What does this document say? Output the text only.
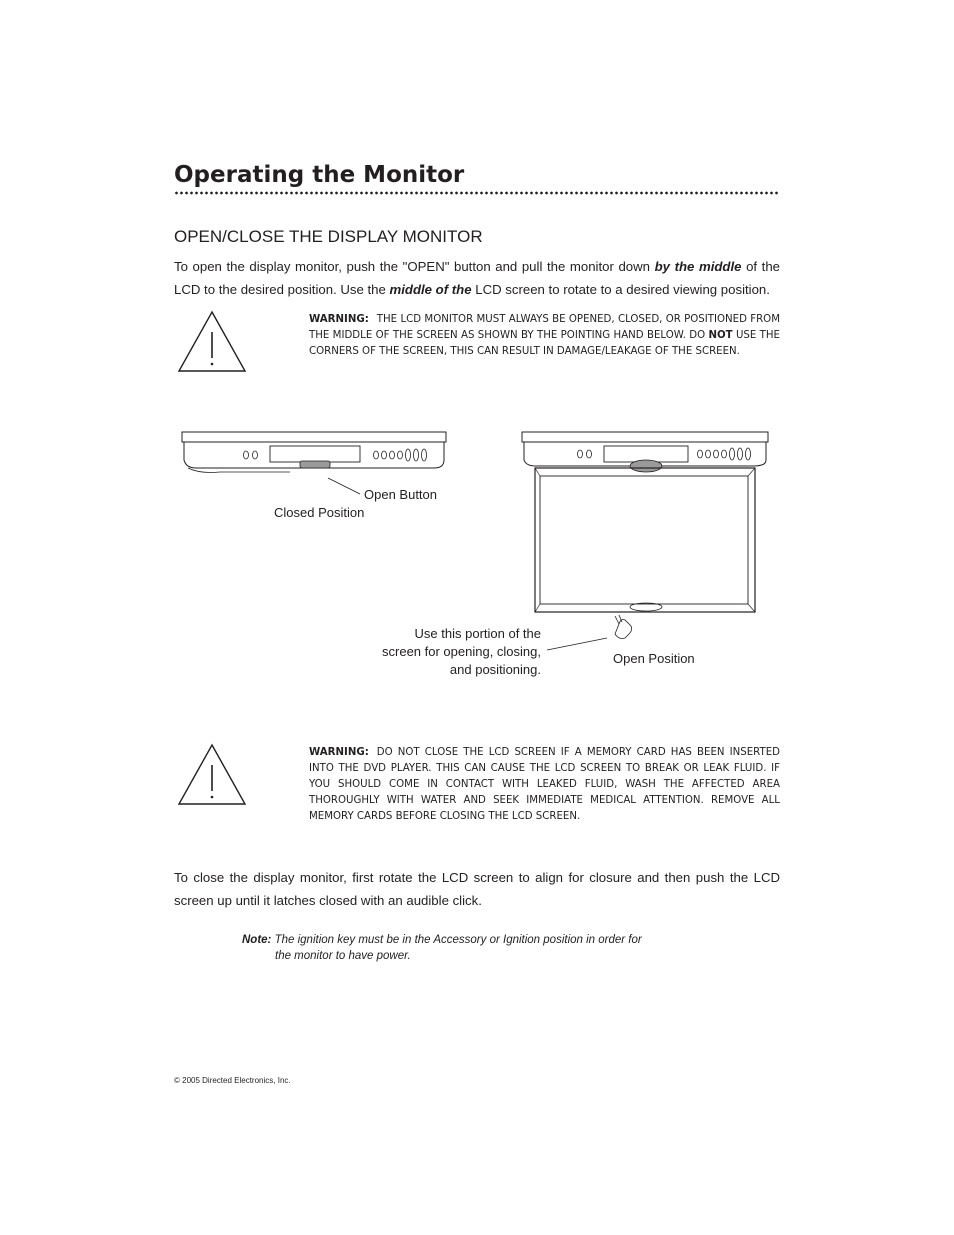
Operating the Monitor
OPEN/CLOSE THE DISPLAY MONITOR
To open the display monitor, push the "OPEN" button and pull the monitor down by the middle of the LCD to the desired position. Use the middle of the LCD screen to rotate to a desired viewing position.
WARNING: THE LCD MONITOR MUST ALWAYS BE OPENED, CLOSED, OR POSITIONED FROM THE MIDDLE OF THE SCREEN AS SHOWN BY THE POINTING HAND BELOW. DO NOT USE THE CORNERS OF THE SCREEN, THIS CAN RESULT IN DAMAGE/LEAKAGE OF THE SCREEN.
Open Button
Closed Position
Use this portion of the
screen for opening, closing,
and positioning.
Open Position
WARNING: DO NOT CLOSE THE LCD SCREEN IF A MEMORY CARD HAS BEEN INSERTED INTO THE DVD PLAYER. THIS CAN CAUSE THE LCD SCREEN TO BREAK OR LEAK FLUID. IF YOU SHOULD COME IN CONTACT WITH LEAKED FLUID, WASH THE AFFECTED AREA THOROUGHLY WITH WATER AND SEEK IMMEDIATE MEDICAL ATTENTION. REMOVE ALL MEMORY CARDS BEFORE CLOSING THE LCD SCREEN.
To close the display monitor, first rotate the LCD screen to align for closure and then push the LCD screen up until it latches closed with an audible click.
Note: The ignition key must be in the Accessory or Ignition position in order for
the monitor to have power.
© 2005 Directed Electronics, Inc.
